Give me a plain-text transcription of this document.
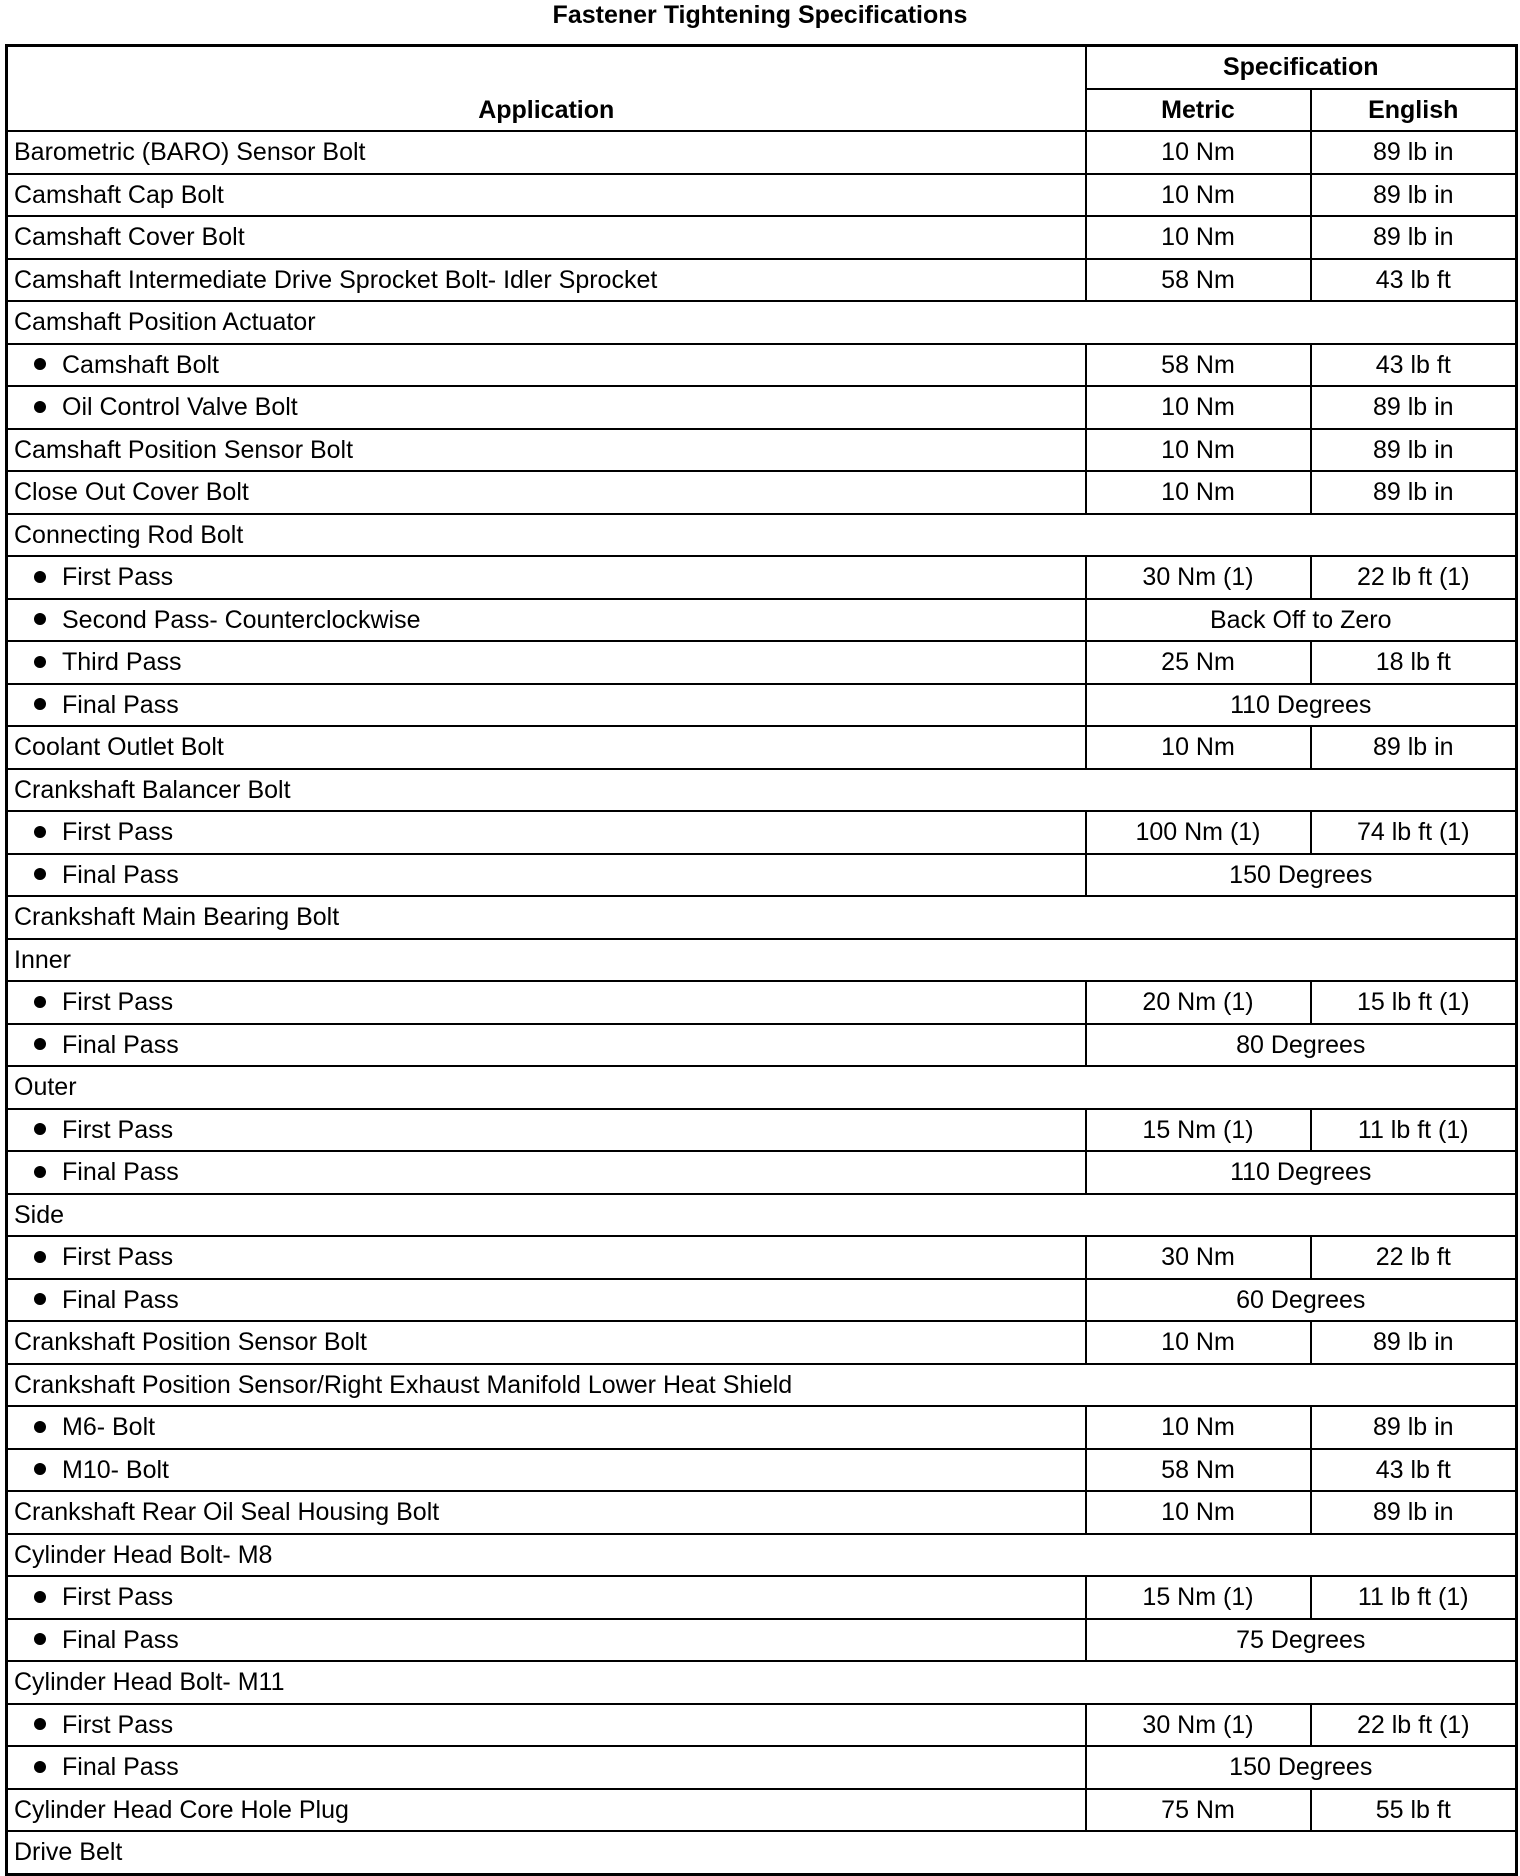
Fastener Tightening Specifications
Application	Specification	
	Metric	English
Barometric (BARO) Sensor Bolt	10 Nm	89 lb in
Camshaft Cap Bolt	10 Nm	89 lb in
Camshaft Cover Bolt	10 Nm	89 lb in
Camshaft Intermediate Drive Sprocket Bolt- Idler Sprocket	58 Nm	43 lb ft
Camshaft Position Actuator		
Camshaft Bolt	58 Nm	43 lb ft
Oil Control Valve Bolt	10 Nm	89 lb in
Camshaft Position Sensor Bolt	10 Nm	89 lb in
Close Out Cover Bolt	10 Nm	89 lb in
Connecting Rod Bolt		
First Pass	30 Nm (1)	22 lb ft (1)
Second Pass- Counterclockwise	Back Off to Zero	
Third Pass	25 Nm	18 lb ft
Final Pass	110 Degrees	
Coolant Outlet Bolt	10 Nm	89 lb in
Crankshaft Balancer Bolt		
First Pass	100 Nm (1)	74 lb ft (1)
Final Pass	150 Degrees	
Crankshaft Main Bearing Bolt		
Inner		
First Pass	20 Nm (1)	15 lb ft (1)
Final Pass	80 Degrees	
Outer		
First Pass	15 Nm (1)	11 lb ft (1)
Final Pass	110 Degrees	
Side		
First Pass	30 Nm	22 lb ft
Final Pass	60 Degrees	
Crankshaft Position Sensor Bolt	10 Nm	89 lb in
Crankshaft Position Sensor/Right Exhaust Manifold Lower Heat Shield		
M6- Bolt	10 Nm	89 lb in
M10- Bolt	58 Nm	43 lb ft
Crankshaft Rear Oil Seal Housing Bolt	10 Nm	89 lb in
Cylinder Head Bolt- M8		
First Pass	15 Nm (1)	11 lb ft (1)
Final Pass	75 Degrees	
Cylinder Head Bolt- M11		
First Pass	30 Nm (1)	22 lb ft (1)
Final Pass	150 Degrees	
Cylinder Head Core Hole Plug	75 Nm	55 lb ft
Drive Belt		
